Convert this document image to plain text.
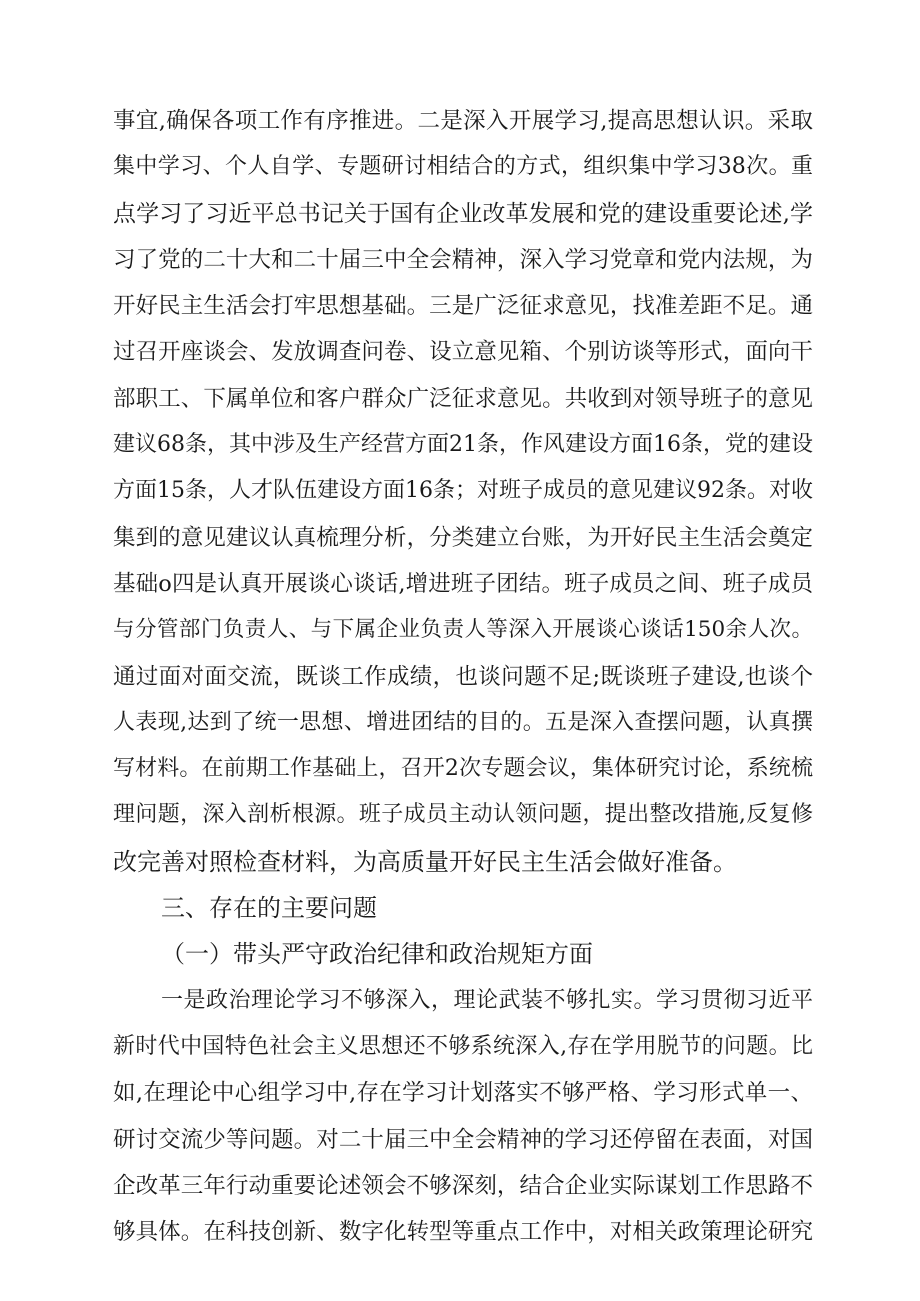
事宜,确保各项工作有序推进。二是深入开展学习,提高思想认识。采取
集中学习、个人自学、专题研讨相结合的方式，组织集中学习38次。重
点学习了习近平总书记关于国有企业改革发展和党的建设重要论述,学
习了党的二十大和二十届三中全会精神，深入学习党章和党内法规，为
开好民主生活会打牢思想基础。三是广泛征求意见，找准差距不足。通
过召开座谈会、发放调查问卷、设立意见箱、个别访谈等形式，面向干
部职工、下属单位和客户群众广泛征求意见。共收到对领导班子的意见
建议68条，其中涉及生产经营方面21条，作风建设方面16条，党的建设
方面15条，人才队伍建设方面16条；对班子成员的意见建议92条。对收
集到的意见建议认真梳理分析，分类建立台账，为开好民主生活会奠定
基础o四是认真开展谈心谈话,增进班子团结。班子成员之间、班子成员
与分管部门负责人、与下属企业负责人等深入开展谈心谈话150余人次。
通过面对面交流，既谈工作成绩，也谈问题不足;既谈班子建设,也谈个
人表现,达到了统一思想、增进团结的目的。五是深入查摆问题，认真撰
写材料。在前期工作基础上，召开2次专题会议，集体研究讨论，系统梳
理问题，深入剖析根源。班子成员主动认领问题，提出整改措施,反复修
改完善对照检查材料，为高质量开好民主生活会做好准备。
三、存在的主要问题
（一）带头严守政治纪律和政治规矩方面
一是政治理论学习不够深入，理论武装不够扎实。学习贯彻习近平
新时代中国特色社会主义思想还不够系统深入,存在学用脱节的问题。比
如,在理论中心组学习中,存在学习计划落实不够严格、学习形式单一、
研讨交流少等问题。对二十届三中全会精神的学习还停留在表面，对国
企改革三年行动重要论述领会不够深刻，结合企业实际谋划工作思路不
够具体。在科技创新、数字化转型等重点工作中，对相关政策理论研究
